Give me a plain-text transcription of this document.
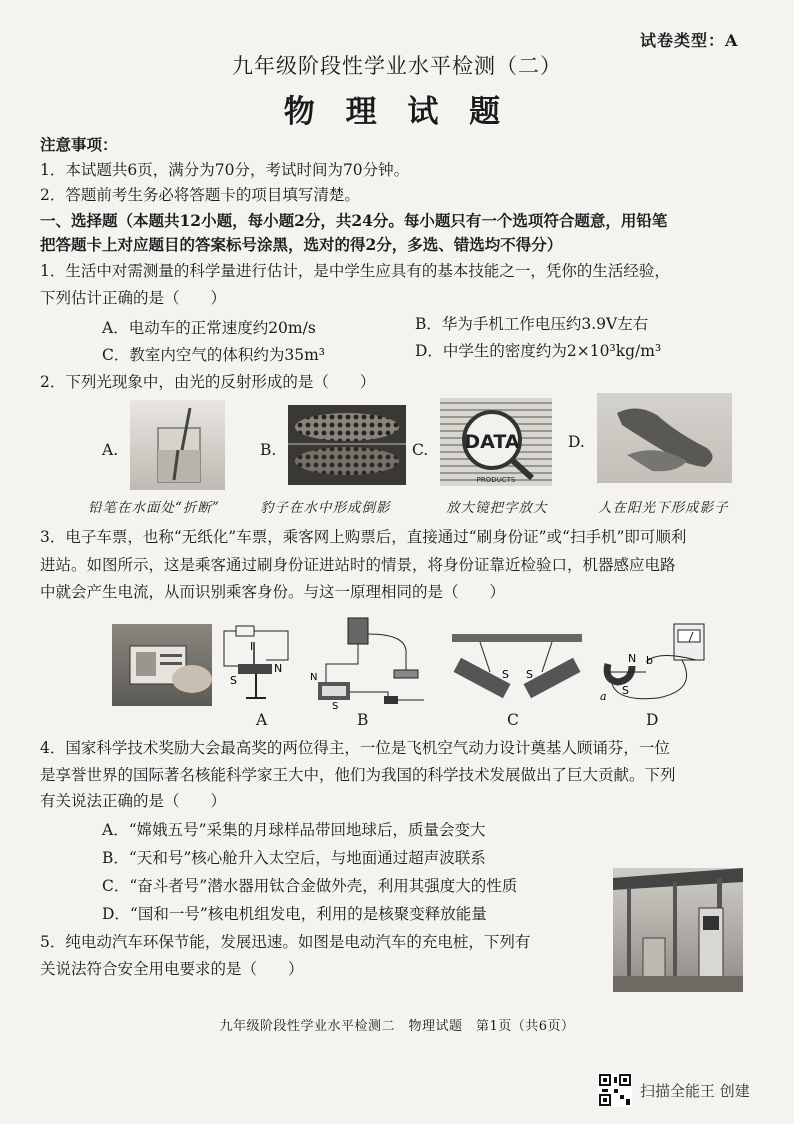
试卷类型：A
九年级阶段性学业水平检测（二）
物 理 试 题
注意事项：
1．本试题共6页，满分为70分，考试时间为70分钟。
2．答题前考生务必将答题卡的项目填写清楚。
一、选择题（本题共12小题，每小题2分，共24分。每小题只有一个选项符合题意，用铅笔
把答题卡上对应题目的答案标号涂黑，选对的得2分，多选、错选均不得分）
1．生活中对需测量的科学量进行估计，是中学生应具有的基本技能之一，凭你的生活经验，
下列估计正确的是（　　）
A．电动车的正常速度约20m/s	B．华为手机工作电压约3.9V左右
C．教室内空气的体积约为35m³	D．中学生的密度约为2×10³kg/m³
2．下列光现象中，由光的反射形成的是（　　）
A.
铅笔在水面处“折断”
B.
豹子在水中形成倒影
C. DATA
PRODUCTS
放大镜把字放大
D.
人在阳光下形成影子
3．电子车票，也称“无纸化”车票，乘客网上购票后，直接通过“刷身份证”或“扫手机”即可顺利
进站。如图所示，这是乘客通过刷身份证进站时的情景，将身份证靠近检验口，机器感应电路
中就会产生电流，从而识别乘客身份。与这一原理相同的是（　　）
I
S
N
A
N
S
B
S S
C
N b
S
a
D
4．国家科学技术奖励大会最高奖的两位得主，一位是飞机空气动力设计奠基人顾诵芬，一位
是享誉世界的国际著名核能科学家王大中，他们为我国的科学技术发展做出了巨大贡献。下列
有关说法正确的是（　　）
A．“嫦娥五号”采集的月球样品带回地球后，质量会变大
B．“天和号”核心舱升入太空后，与地面通过超声波联系
C．“奋斗者号”潜水器用钛合金做外壳，利用其强度大的性质
D．“国和一号”核电机组发电，利用的是核聚变释放能量
5．纯电动汽车环保节能，发展迅速。如图是电动汽车的充电桩，下列有
关说法符合安全用电要求的是（　　）
九年级阶段性学业水平检测二　物理试题　第1页（共6页）
扫描全能王 创建
